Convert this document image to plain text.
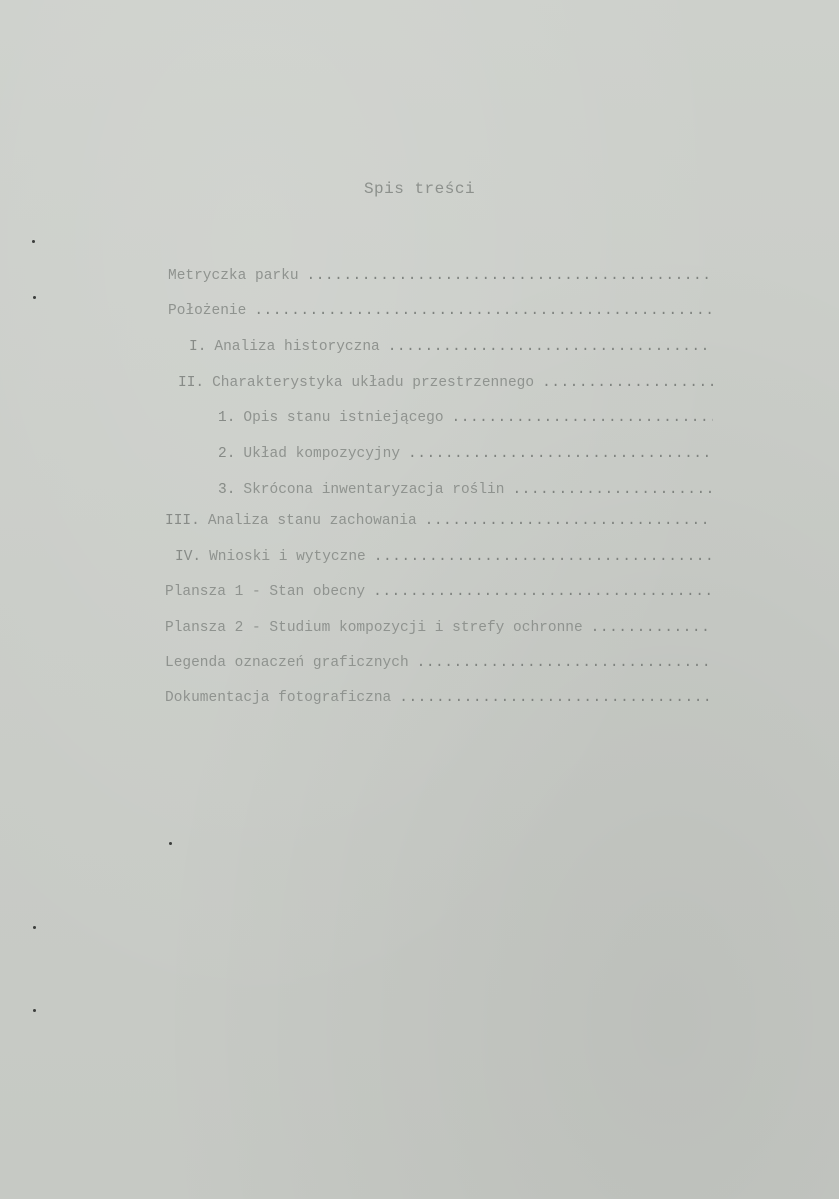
Spis treści
Metryczka parku
.....
Położenie
.....
I. Analiza historyczna
.....
II. Charakterystyka układu przestrzennego
.....
1. Opis stanu istniejącego
.....
2. Układ kompozycyjny
.....
3. Skrócona inwentaryzacja roślin
.....
III. Analiza stanu zachowania
.....
IV. Wnioski i wytyczne
.....
Plansza 1 - Stan obecny
.....
Plansza 2 - Studium kompozycji i strefy ochronne
.....
Legenda oznaczeń graficznych
.....
Dokumentacja fotograficzna
.....
